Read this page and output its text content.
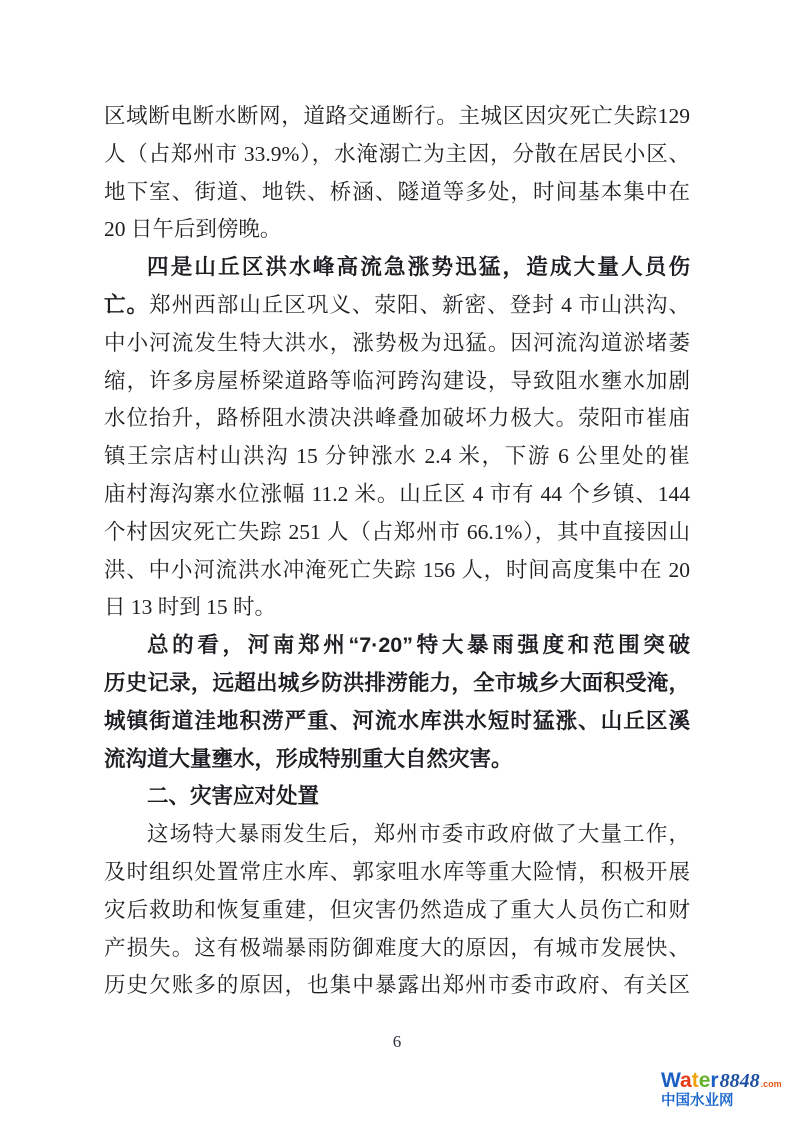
区域断电断水断网，道路交通断行。主城区因灾死亡失踪129
人（占郑州市 33.9%），水淹溺亡为主因，分散在居民小区、
地下室、街道、地铁、桥涵、隧道等多处，时间基本集中在
20 日午后到傍晚。
四是山丘区洪水峰高流急涨势迅猛，造成大量人员伤
亡。郑州西部山丘区巩义、荥阳、新密、登封 4 市山洪沟、
中小河流发生特大洪水，涨势极为迅猛。因河流沟道淤堵萎
缩，许多房屋桥梁道路等临河跨沟建设，导致阻水壅水加剧
水位抬升，路桥阻水溃决洪峰叠加破坏力极大。荥阳市崔庙
镇王宗店村山洪沟 15 分钟涨水 2.4 米，下游 6 公里处的崔
庙村海沟寨水位涨幅 11.2 米。山丘区 4 市有 44 个乡镇、144
个村因灾死亡失踪 251 人（占郑州市 66.1%），其中直接因山
洪、中小河流洪水冲淹死亡失踪 156 人，时间高度集中在 20
日 13 时到 15 时。
总的看，河南郑州“7·20”特大暴雨强度和范围突破
历史记录，远超出城乡防洪排涝能力，全市城乡大面积受淹，
城镇街道洼地积涝严重、河流水库洪水短时猛涨、山丘区溪
流沟道大量壅水，形成特别重大自然灾害。
二、灾害应对处置
这场特大暴雨发生后，郑州市委市政府做了大量工作，
及时组织处置常庄水库、郭家咀水库等重大险情，积极开展
灾后救助和恢复重建，但灾害仍然造成了重大人员伤亡和财
产损失。这有极端暴雨防御难度大的原因，有城市发展快、
历史欠账多的原因，也集中暴露出郑州市委市政府、有关区
6
Water 8848 .com
中国水业网
